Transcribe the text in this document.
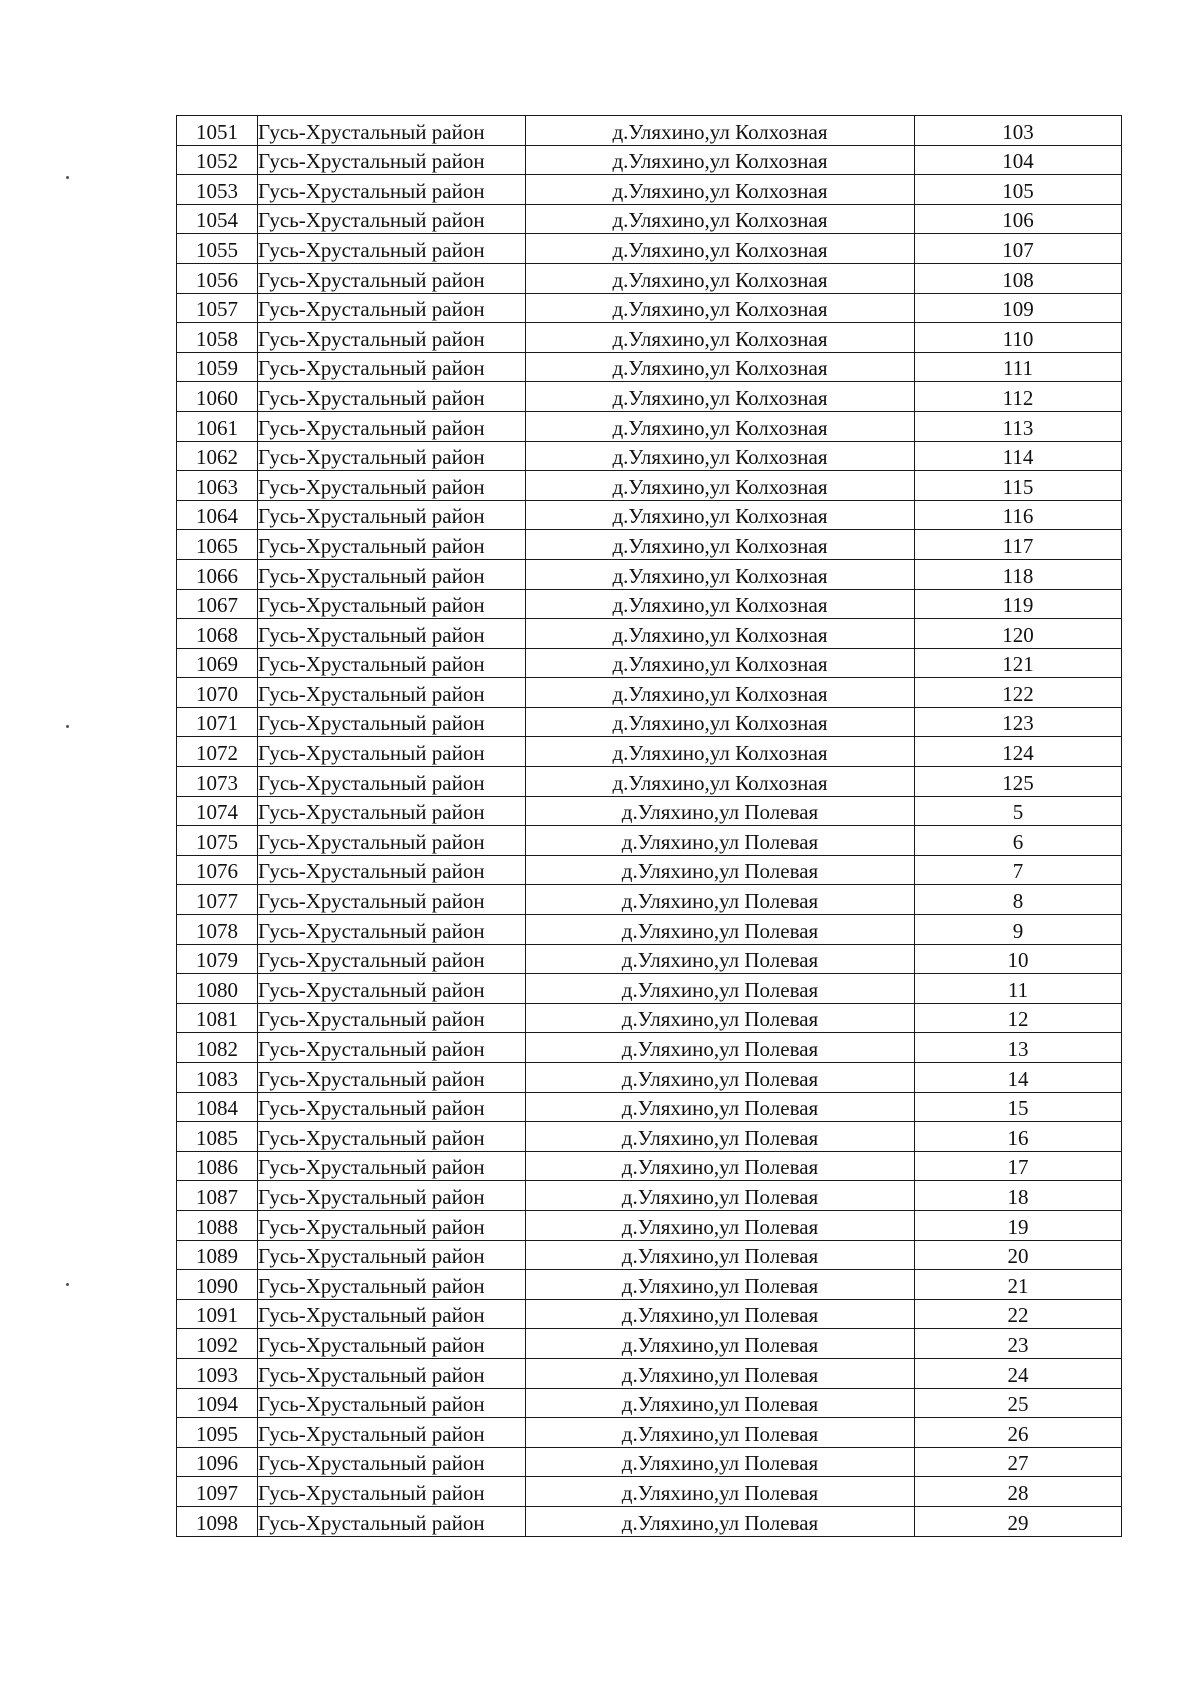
1051	Гусь-Хрустальный район	д.Уляхино,ул Колхозная	103
1052	Гусь-Хрустальный район	д.Уляхино,ул Колхозная	104
1053	Гусь-Хрустальный район	д.Уляхино,ул Колхозная	105
1054	Гусь-Хрустальный район	д.Уляхино,ул Колхозная	106
1055	Гусь-Хрустальный район	д.Уляхино,ул Колхозная	107
1056	Гусь-Хрустальный район	д.Уляхино,ул Колхозная	108
1057	Гусь-Хрустальный район	д.Уляхино,ул Колхозная	109
1058	Гусь-Хрустальный район	д.Уляхино,ул Колхозная	110
1059	Гусь-Хрустальный район	д.Уляхино,ул Колхозная	111
1060	Гусь-Хрустальный район	д.Уляхино,ул Колхозная	112
1061	Гусь-Хрустальный район	д.Уляхино,ул Колхозная	113
1062	Гусь-Хрустальный район	д.Уляхино,ул Колхозная	114
1063	Гусь-Хрустальный район	д.Уляхино,ул Колхозная	115
1064	Гусь-Хрустальный район	д.Уляхино,ул Колхозная	116
1065	Гусь-Хрустальный район	д.Уляхино,ул Колхозная	117
1066	Гусь-Хрустальный район	д.Уляхино,ул Колхозная	118
1067	Гусь-Хрустальный район	д.Уляхино,ул Колхозная	119
1068	Гусь-Хрустальный район	д.Уляхино,ул Колхозная	120
1069	Гусь-Хрустальный район	д.Уляхино,ул Колхозная	121
1070	Гусь-Хрустальный район	д.Уляхино,ул Колхозная	122
1071	Гусь-Хрустальный район	д.Уляхино,ул Колхозная	123
1072	Гусь-Хрустальный район	д.Уляхино,ул Колхозная	124
1073	Гусь-Хрустальный район	д.Уляхино,ул Колхозная	125
1074	Гусь-Хрустальный район	д.Уляхино,ул Полевая	5
1075	Гусь-Хрустальный район	д.Уляхино,ул Полевая	6
1076	Гусь-Хрустальный район	д.Уляхино,ул Полевая	7
1077	Гусь-Хрустальный район	д.Уляхино,ул Полевая	8
1078	Гусь-Хрустальный район	д.Уляхино,ул Полевая	9
1079	Гусь-Хрустальный район	д.Уляхино,ул Полевая	10
1080	Гусь-Хрустальный район	д.Уляхино,ул Полевая	11
1081	Гусь-Хрустальный район	д.Уляхино,ул Полевая	12
1082	Гусь-Хрустальный район	д.Уляхино,ул Полевая	13
1083	Гусь-Хрустальный район	д.Уляхино,ул Полевая	14
1084	Гусь-Хрустальный район	д.Уляхино,ул Полевая	15
1085	Гусь-Хрустальный район	д.Уляхино,ул Полевая	16
1086	Гусь-Хрустальный район	д.Уляхино,ул Полевая	17
1087	Гусь-Хрустальный район	д.Уляхино,ул Полевая	18
1088	Гусь-Хрустальный район	д.Уляхино,ул Полевая	19
1089	Гусь-Хрустальный район	д.Уляхино,ул Полевая	20
1090	Гусь-Хрустальный район	д.Уляхино,ул Полевая	21
1091	Гусь-Хрустальный район	д.Уляхино,ул Полевая	22
1092	Гусь-Хрустальный район	д.Уляхино,ул Полевая	23
1093	Гусь-Хрустальный район	д.Уляхино,ул Полевая	24
1094	Гусь-Хрустальный район	д.Уляхино,ул Полевая	25
1095	Гусь-Хрустальный район	д.Уляхино,ул Полевая	26
1096	Гусь-Хрустальный район	д.Уляхино,ул Полевая	27
1097	Гусь-Хрустальный район	д.Уляхино,ул Полевая	28
1098	Гусь-Хрустальный район	д.Уляхино,ул Полевая	29
